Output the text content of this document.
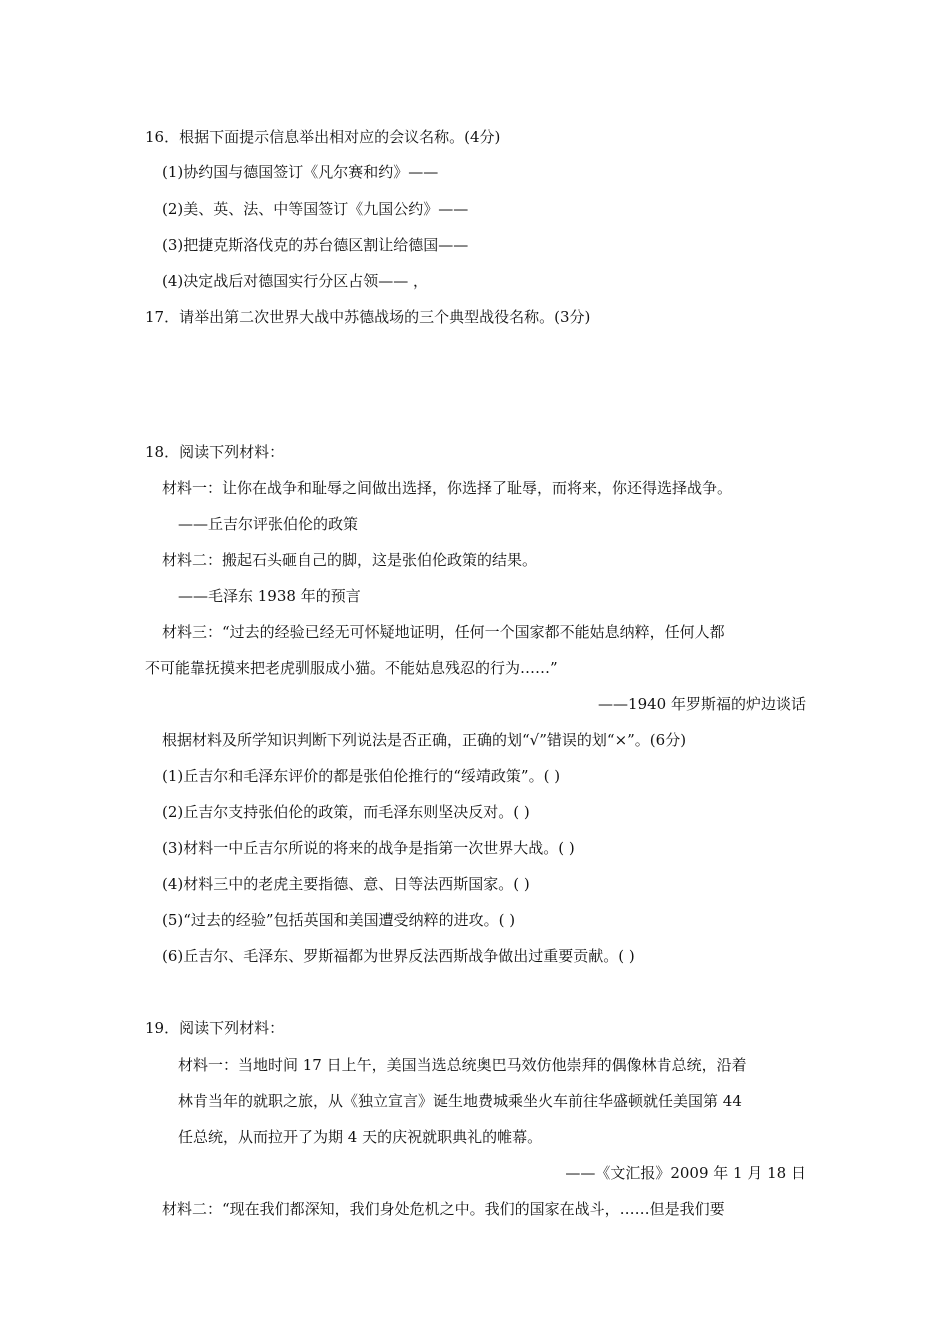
16．根据下面提示信息举出相对应的会议名称。(4分)
(1)协约国与德国签订《凡尔赛和约》——
(2)美、英、法、中等国签订《九国公约》——
(3)把捷克斯洛伐克的苏台德区割让给德国——
(4)决定战后对德国实行分区占领—— ，
17．请举出第二次世界大战中苏德战场的三个典型战役名称。(3分)
18．阅读下列材料：
材料一：让你在战争和耻辱之间做出选择，你选择了耻辱，而将来，你还得选择战争。
——丘吉尔评张伯伦的政策
材料二：搬起石头砸自己的脚，这是张伯伦政策的结果。
——毛泽东 1938 年的预言
材料三：“过去的经验已经无可怀疑地证明，任何一个国家都不能姑息纳粹，任何人都
不可能靠抚摸来把老虎驯服成小猫。不能姑息残忍的行为……”
——1940 年罗斯福的炉边谈话
根据材料及所学知识判断下列说法是否正确，正确的划“√”错误的划“×”。(6分)
(1)丘吉尔和毛泽东评价的都是张伯伦推行的“绥靖政策”。( )
(2)丘吉尔支持张伯伦的政策，而毛泽东则坚决反对。( )
(3)材料一中丘吉尔所说的将来的战争是指第一次世界大战。( )
(4)材料三中的老虎主要指德、意、日等法西斯国家。( )
(5)“过去的经验”包括英国和美国遭受纳粹的进攻。( )
(6)丘吉尔、毛泽东、罗斯福都为世界反法西斯战争做出过重要贡献。( )
19．阅读下列材料：
材料一：当地时间 17 日上午，美国当选总统奥巴马效仿他崇拜的偶像林肯总统，沿着
林肯当年的就职之旅，从《独立宣言》诞生地费城乘坐火车前往华盛顿就任美国第 44
任总统，从而拉开了为期 4 天的庆祝就职典礼的帷幕。
——《文汇报》2009 年 1 月 18 日
材料二：“现在我们都深知，我们身处危机之中。我们的国家在战斗，……但是我们要
